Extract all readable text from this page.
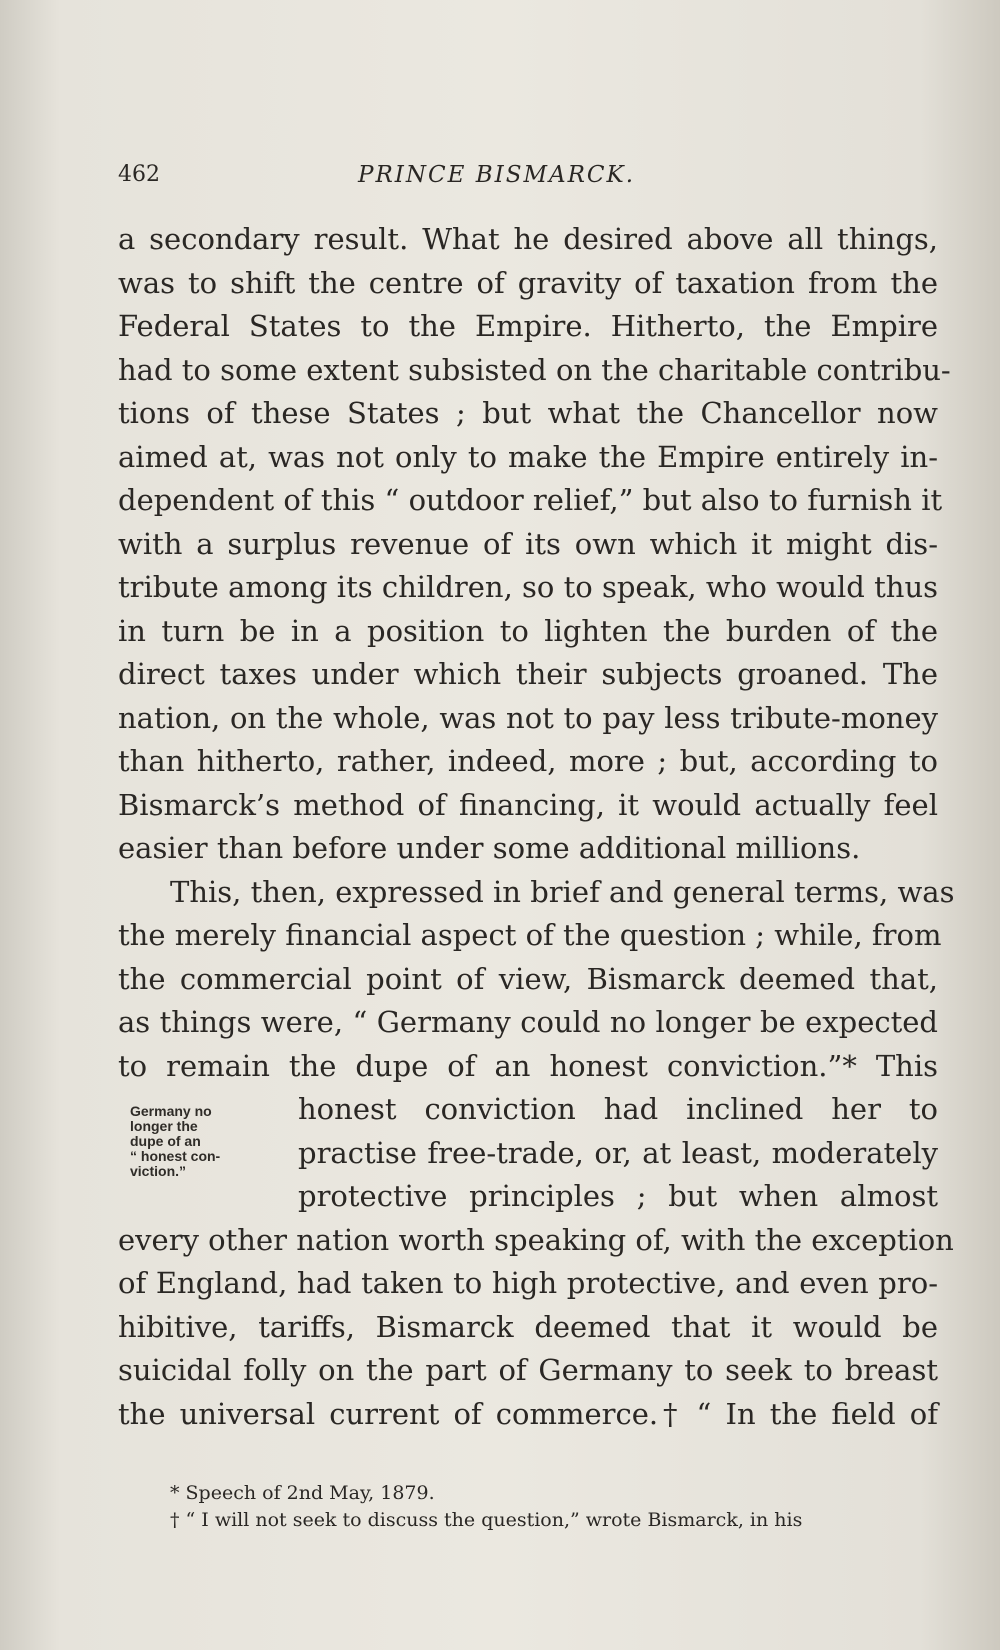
462	PRINCE BISMARCK.
a secondary result. What he desired above all things,
was to shift the centre of gravity of taxation from the
Federal States to the Empire. Hitherto, the Empire
had to some extent subsisted on the charitable contribu-
tions of these States ; but what the Chancellor now
aimed at, was not only to make the Empire entirely in-
dependent of this “ outdoor relief,” but also to furnish it
with a surplus revenue of its own which it might dis-
tribute among its children, so to speak, who would thus
in turn be in a position to lighten the burden of the
direct taxes under which their subjects groaned. The
nation, on the whole, was not to pay less tribute-money
than hitherto, rather, indeed, more ; but, according to
Bismarck’s method of financing, it would actually feel
easier than before under some additional millions.
This, then, expressed in brief and general terms, was
the merely financial aspect of the question ; while, from
the commercial point of view, Bismarck deemed that,
as things were, “ Germany could no longer be expected
to remain the dupe of an honest conviction.”* This
Germany no
longer the
dupe of an
“ honest con-
viction.”
honest conviction had inclined her to
practise free-trade, or, at least, moderately
protective principles ; but when almost
every other nation worth speaking of, with the exception
of England, had taken to high protective, and even pro-
hibitive, tariffs, Bismarck deemed that it would be
suicidal folly on the part of Germany to seek to breast
the universal current of commerce.† “ In the field of
* Speech of 2nd May, 1879.
† “ I will not seek to discuss the question,” wrote Bismarck, in his
